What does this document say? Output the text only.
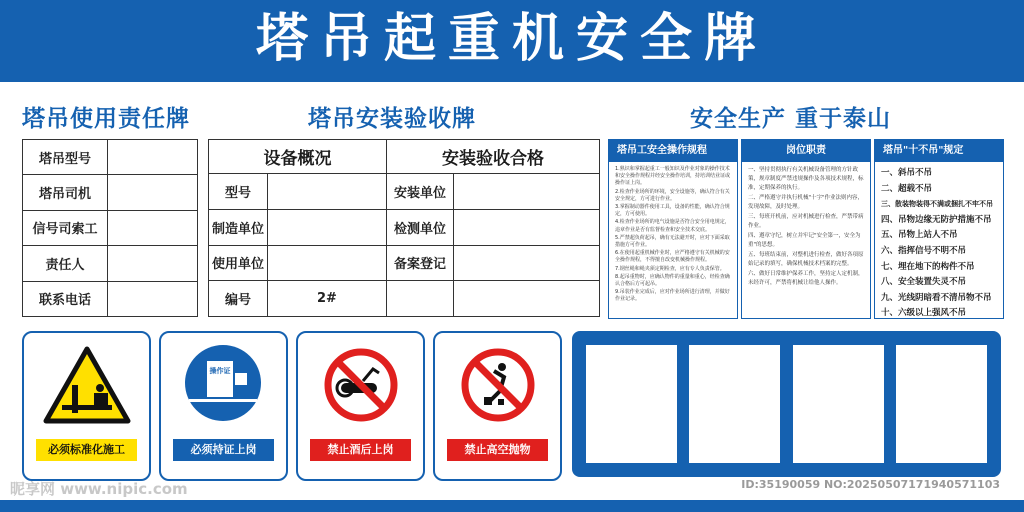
塔吊起重机安全牌
塔吊使用责任牌	塔吊安装验收牌	安全生产 重于泰山
塔吊型号	
塔吊司机	
信号司索工	
责任人	
联系电话	
设备概况		安装验收合格	
型号		安装单位	
制造单位		检测单位	
使用单位		备案登记	
编号	2#		
塔吊工安全操作规程

1.熟识和掌握起重工一般知识及作业对象的操作技术和安全操作规程并经安全操作培训，持培训结业证或操作证上岗。

2.检查作业场所的环境，安全设施等，确认符合有关安全规定，方可进行作业。

3.掌握制动器件使用工具，设备的性能，确认符合规定，方可使用。

4.检查作业场所的电气设施是否符合安全用电规定，违章作业是否有监督检查和安全技术交底。

5.严禁超负荷起吊，确有无法避开时，应对下面采取措施方可作业。

6.在使用起重机械作业时，应严格遵守有关机械的安全操作规程，不得擅自改变机械操作规程。

7.钢丝绳和绳夹须定期检查，应有专人负责保管。

8.起吊重物时，应确认物件的重量和重心，经检查确认合格后方可起吊。

9.吊装作业完成后，应对作业场所进行清理，并做好作业记录。

岗位职责

一、坚持贯彻执行有关机械设备管理的方针政策，规章制度严禁违规操作及各项技术规程，标准，定期保养的执行。

二、严格遵守并执行机械"十字"作业法则内容，发现故障，及时处理。

三、每班开机前，应对机械进行检查，严禁带病作业。

四、遵章守纪，树立并牢记"安全第一，安全为重"的思想。

五、每班结束前，对整机进行检查，做好各项原始记录的填写，确保机械技术档案的完整。

六、做好日常维护保养工作，坚持定人定机制，未经许可，严禁将机械让给他人操作。

塔吊"十不吊"规定
一、斜吊不吊
二、超载不吊
三、散装物装得不满或捆扎不牢不吊
四、吊物边缘无防护措施不吊
五、吊物上站人不吊
六、指挥信号不明不吊
七、埋在地下的构件不吊
八、安全装置失灵不吊
九、光线阴暗看不清吊物不吊
十、六级以上强风不吊
必须标准化施工
操作证
必须持证上岗	禁止酒后上岗	禁止高空抛物
昵享网 www.nipic.com	ID:35190059 NO:20250507171940571103
